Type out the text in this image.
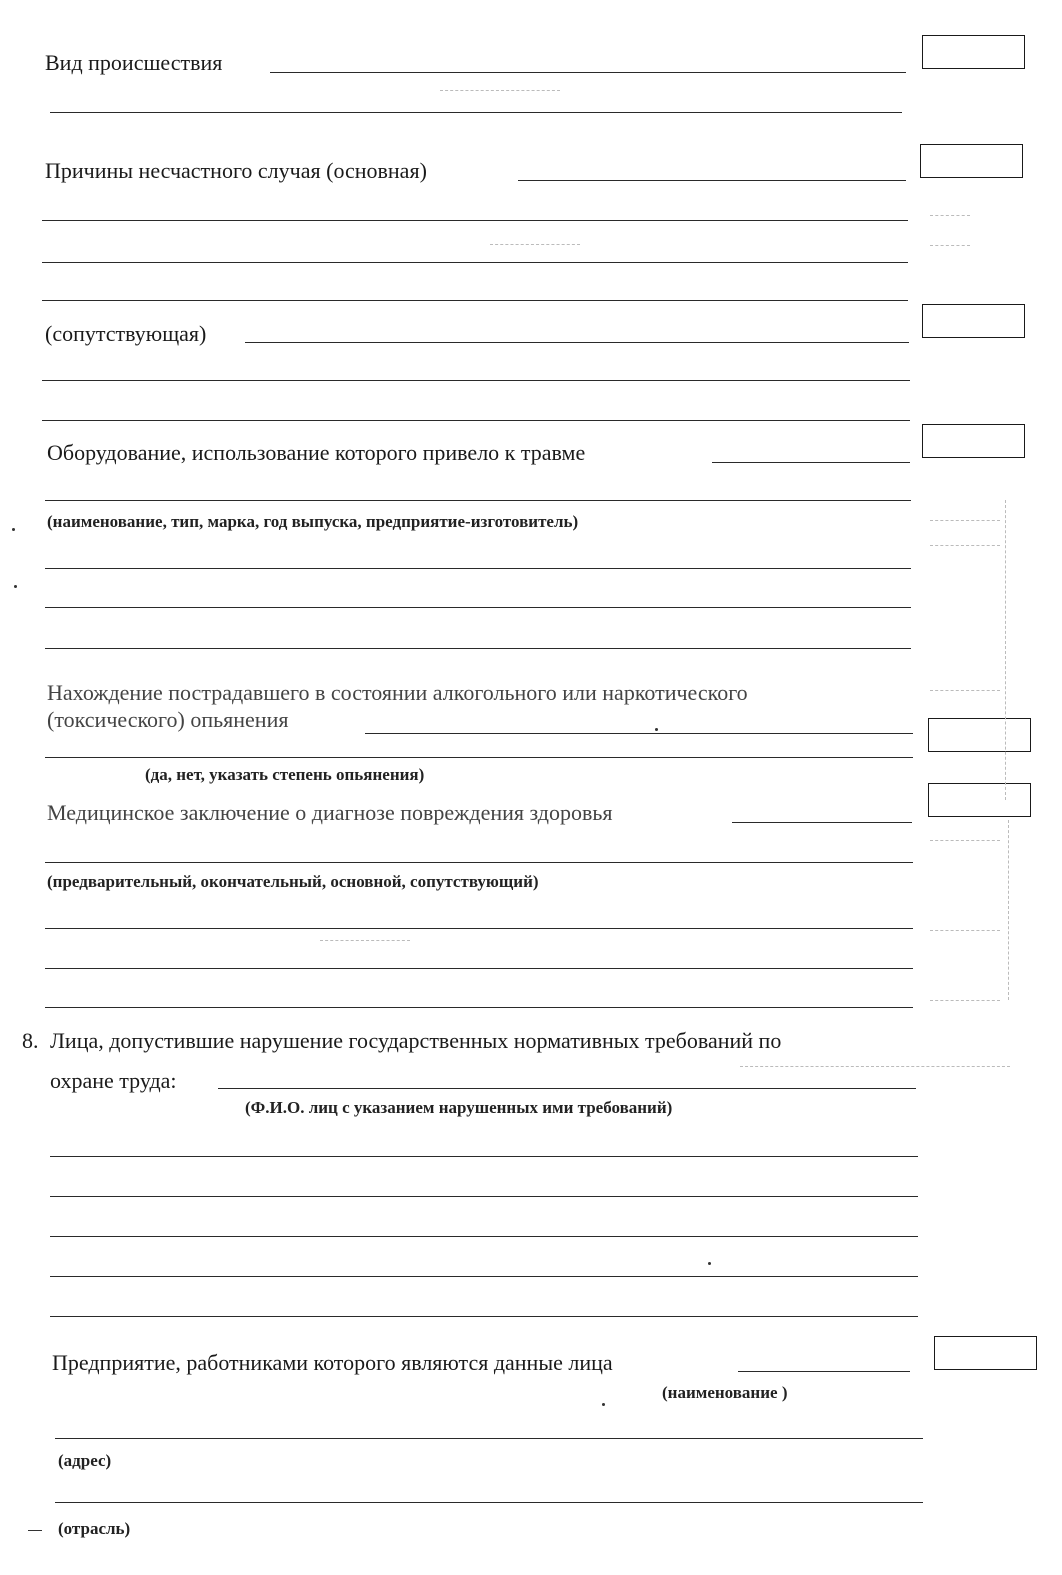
Вид происшествия
Причины несчастного случая (основная)
(сопутствующая)
Оборудование, использование которого привело к травме
(наименование, тип, марка, год выпуска, предприятие-изготовитель)
Нахождение пострадавшего в состоянии алкогольного или наркотического
(токсического) опьянения
(да, нет, указать степень опьянения)
Медицинское заключение о диагнозе повреждения здоровья
(предварительный, окончательный, основной, сопутствующий)
8. Лица, допустившие нарушение государственных нормативных требований по
охране труда:
(Ф.И.О. лиц с указанием нарушенных ими требований)
Предприятие, работниками которого являются данные лица
(наименование )
(адрес)
(отрасль)
